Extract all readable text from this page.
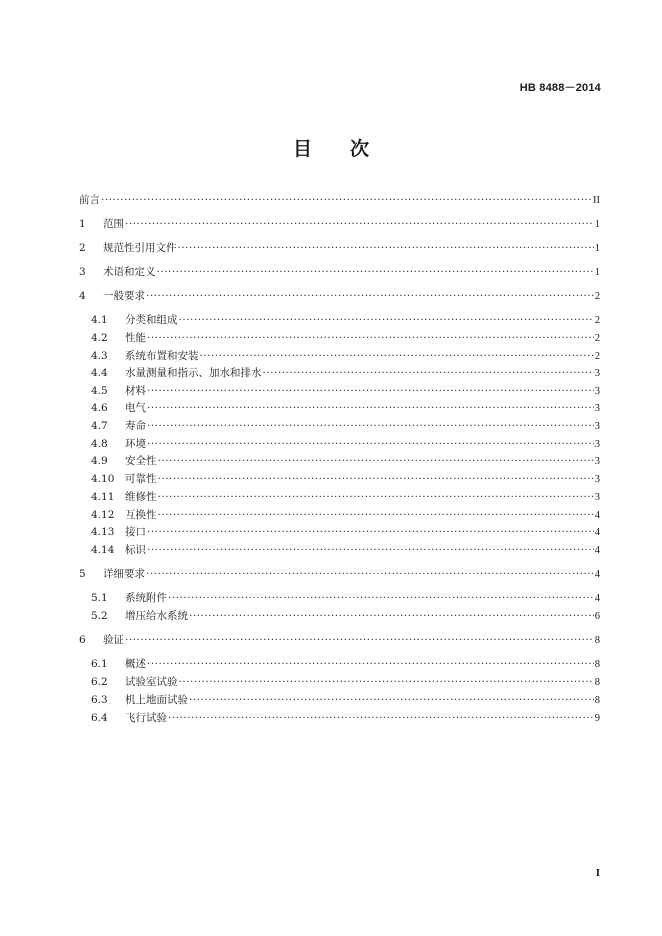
HB 8488－2014
目次
前言 ·····	II
1	范围 ·····	1
2	规范性引用文件 ·····	1
3	术语和定义 ·····	1
4	一般要求 ·····	2
4.1	分类和组成 ·····	2
4.2	性能 ·····	2
4.3	系统布置和安装 ·····	2
4.4	水量测量和指示、加水和排水 ·····	3
4.5	材料 ·····	3
4.6	电气 ·····	3
4.7	寿命 ·····	3
4.8	环境 ·····	3
4.9	安全性 ·····	3
4.10	可靠性 ·····	3
4.11	维修性 ·····	3
4.12	互换性 ·····	4
4.13	接口 ·····	4
4.14	标识 ·····	4
5	详细要求 ·····	4
5.1	系统附件 ·····	4
5.2	增压给水系统 ·····	6
6	验证 ·····	8
6.1	概述 ·····	8
6.2	试验室试验 ·····	8
6.3	机上地面试验 ·····	8
6.4	飞行试验 ·····	9
I
